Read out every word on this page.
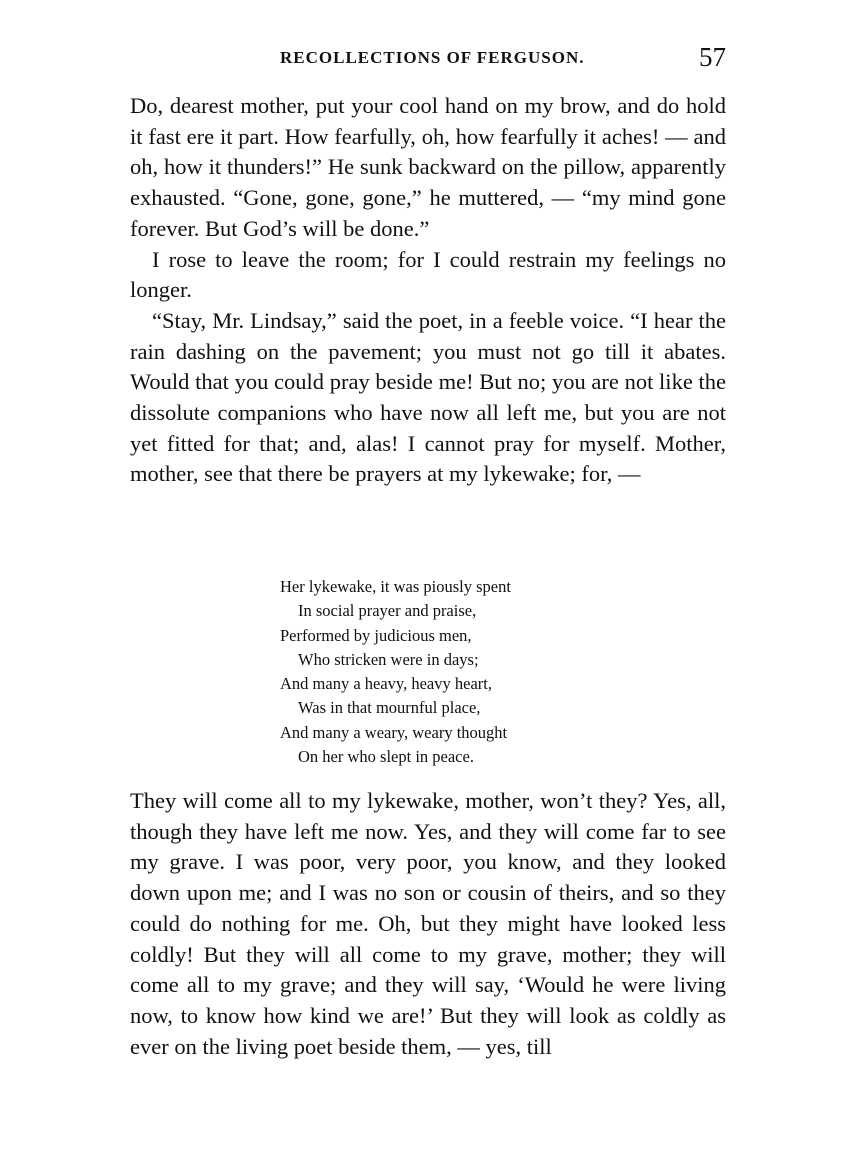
RECOLLECTIONS OF FERGUSON.	57

Do, dearest mother, put your cool hand on my brow, and do hold it fast ere it part. How fearfully, oh, how fearfully it aches! — and oh, how it thunders!” He sunk backward on the pillow, apparently exhausted. “Gone, gone, gone,” he muttered, — “my mind gone forever. But God’s will be done.”

I rose to leave the room; for I could restrain my feelings no longer.

“Stay, Mr. Lindsay,” said the poet, in a feeble voice. “I hear the rain dashing on the pavement; you must not go till it abates. Would that you could pray beside me! But no; you are not like the dissolute companions who have now all left me, but you are not yet fitted for that; and, alas! I cannot pray for myself. Mother, mother, see that there be prayers at my lykewake; for, —

Her lykewake, it was piously spent
In social prayer and praise,
Performed by judicious men,
Who stricken were in days;
And many a heavy, heavy heart,
Was in that mournful place,
And many a weary, weary thought
On her who slept in peace.

They will come all to my lykewake, mother, won’t they? Yes, all, though they have left me now. Yes, and they will come far to see my grave. I was poor, very poor, you know, and they looked down upon me; and I was no son or cousin of theirs, and so they could do nothing for me. Oh, but they might have looked less coldly! But they will all come to my grave, mother; they will come all to my grave; and they will say, ‘Would he were living now, to know how kind we are!’ But they will look as coldly as ever on the living poet beside them, — yes, till
